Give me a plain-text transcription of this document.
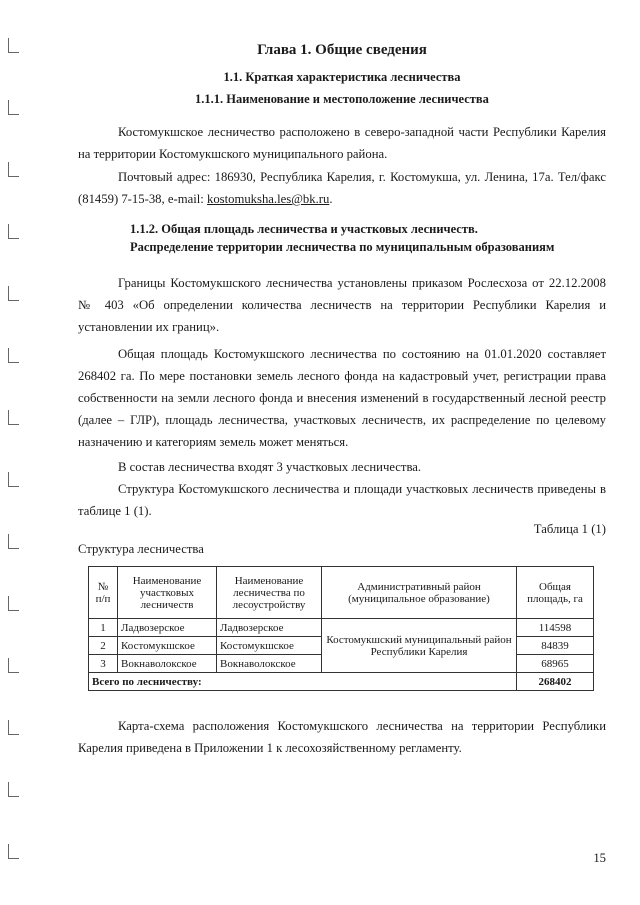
Глава 1. Общие сведения
1.1. Краткая характеристика лесничества
1.1.1. Наименование и местоположение лесничества
Костомукшское лесничество расположено в северо-западной части Республики Карелия на территории Костомукшского муниципального района.
Почтовый адрес: 186930, Республика Карелия, г. Костомукша, ул. Ленина, 17а. Тел/факс (81459) 7-15-38, e-mail: kostomuksha.les@bk.ru.
1.1.2. Общая площадь лесничества и участковых лесничеств.
Распределение территории лесничества по муниципальным образованиям
Границы Костомукшского лесничества установлены приказом Рослесхоза от 22.12.2008 № 403 «Об определении количества лесничеств на территории Республики Карелия и установлении их границ».
Общая площадь Костомукшского лесничества по состоянию на 01.01.2020 составляет 268402 га. По мере постановки земель лесного фонда на кадастровый учет, регистрации права собственности на земли лесного фонда и внесения изменений в государственный лесной реестр (далее – ГЛР), площадь лесничества, участковых лесничеств, их распределение по целевому назначению и категориям земель может меняться.
В состав лесничества входят 3 участковых лесничества.
Структура Костомукшского лесничества и площади участковых лесничеств приведены в таблице 1 (1).
Таблица 1 (1)
Структура лесничества
№ п/п	Наименование участковых лесничеств	Наименование лесничества по лесоустройству	Административный район (муниципальное образование)	Общая площадь, га
1	Ладвозерское	Ладвозерское	Костомукшский муниципальный район Республики Карелия	114598
2	Костомукшское	Костомукшское		84839
3	Вокнаволокское	Вокнаволокское		68965
Всего по лесничеству:				268402
Карта-схема расположения Костомукшского лесничества на территории Республики Карелия приведена в Приложении 1 к лесохозяйственному регламенту.
15
